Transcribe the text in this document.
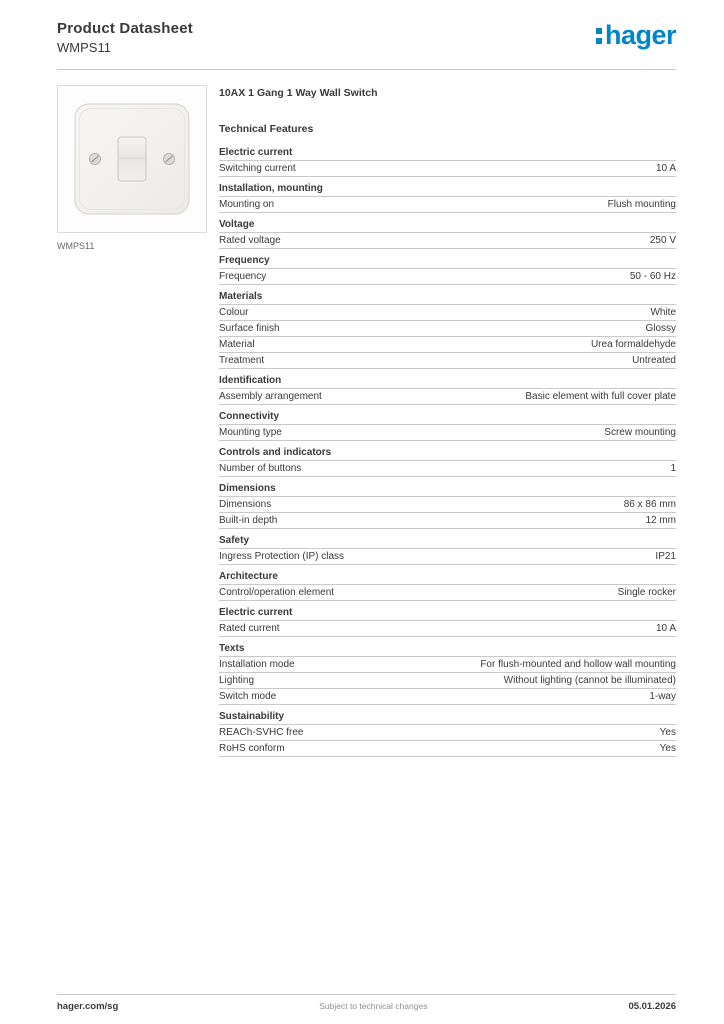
Product Datasheet
WMPS11	hager
WMPS11
10AX 1 Gang 1 Way Wall Switch
Technical Features
Electric current
Switching current	10 A
Installation, mounting
Mounting on	Flush mounting
Voltage
Rated voltage	250 V
Frequency
Frequency	50 - 60 Hz
Materials
Colour	White
Surface finish	Glossy
Material	Urea formaldehyde
Treatment	Untreated
Identification
Assembly arrangement	Basic element with full cover plate
Connectivity
Mounting type	Screw mounting
Controls and indicators
Number of buttons	1
Dimensions
Dimensions	86 x 86 mm
Built-in depth	12 mm
Safety
Ingress Protection (IP) class	IP21
Architecture
Control/operation element	Single rocker
Electric current
Rated current	10 A
Texts
Installation mode	For flush-mounted and hollow wall mounting
Lighting	Without lighting (cannot be illuminated)
Switch mode	1-way
Sustainability
REACh-SVHC free	Yes
RoHS conform	Yes
hager.com/sg	Subject to technical changes	05.01.2026
